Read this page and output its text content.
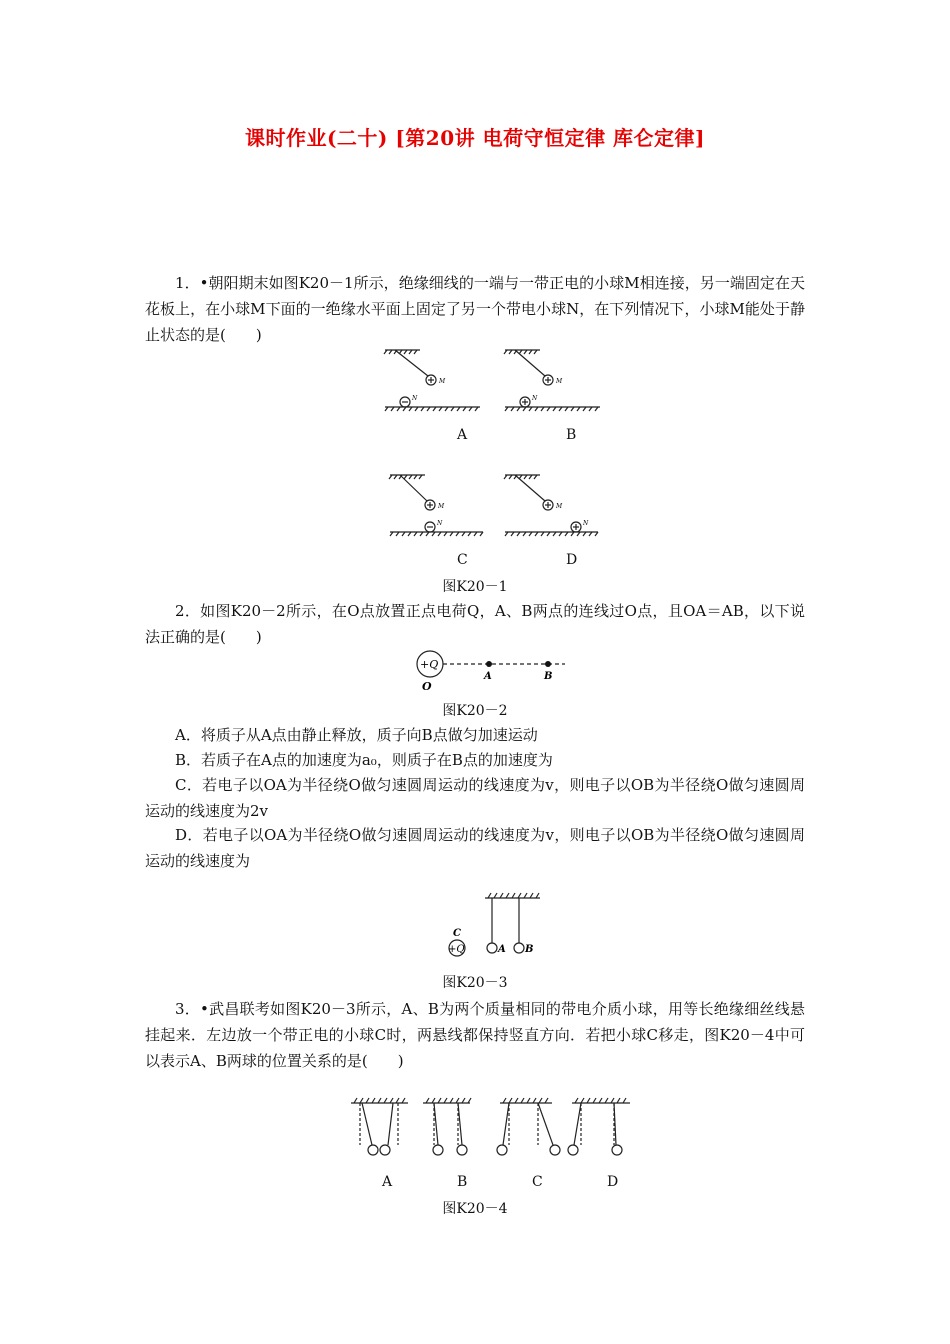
课时作业(二十) [第20讲 电荷守恒定律 库仑定律]
1．•朝阳期末如图K20－1所示，绝缘细线的一端与一带正电的小球M相连接，另一端固定在天花板上，在小球M下面的一绝缘水平面上固定了另一个带电小球N，在下列情况下，小球M能处于静止状态的是(　　)
M
N
M
N
A	B
M
N
M
N
C	D
图K20－1
2．如图K20－2所示，在O点放置正点电荷Q，A、B两点的连线过O点，且OA＝AB，以下说法正确的是(　　)
+Q
O
A	B
图K20－2
A．将质子从A点由静止释放，质子向B点做匀加速运动
B．若质子在A点的加速度为a₀，则质子在B点的加速度为
C．若电子以OA为半径绕O做匀速圆周运动的线速度为v，则电子以OB为半径绕O做匀速圆周运动的线速度为2v
D．若电子以OA为半径绕O做匀速圆周运动的线速度为v，则电子以OB为半径绕O做匀速圆周运动的线速度为
+Q
C
A B
图K20－3
3．•武昌联考如图K20－3所示，A、B为两个质量相同的带电介质小球，用等长绝缘细丝线悬挂起来．左边放一个带正电的小球C时，两悬线都保持竖直方向．若把小球C移走，图K20－4中可以表示A、B两球的位置关系的是(　　)
A	B	C	D
图K20－4
